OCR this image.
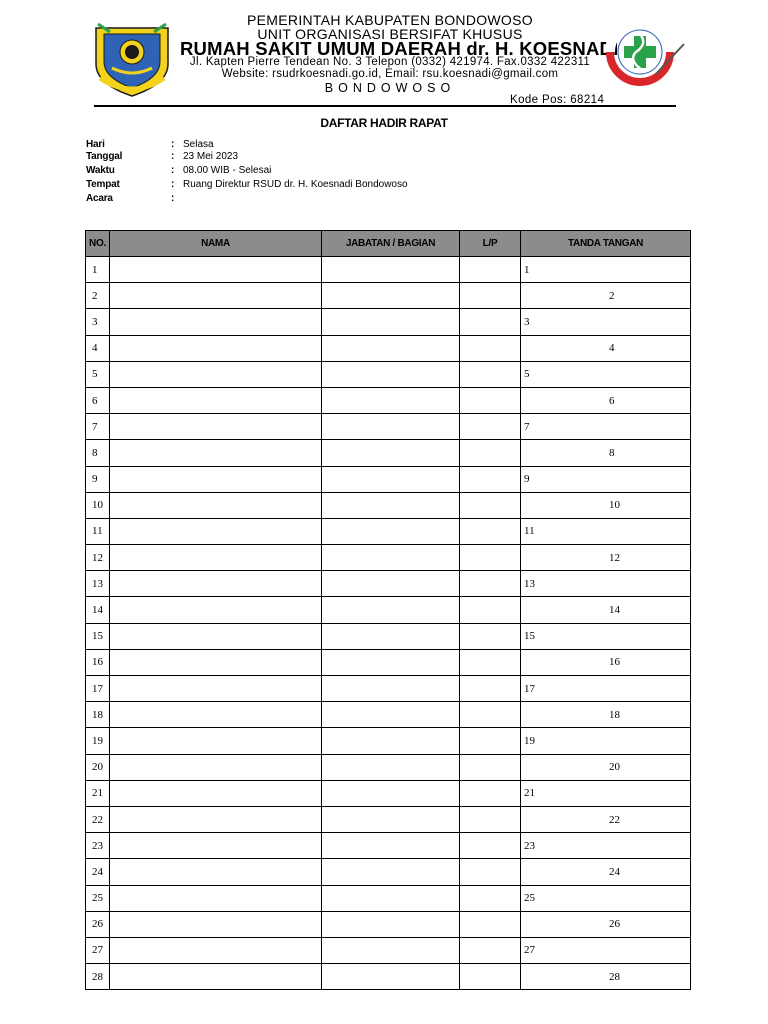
PEMERINTAH KABUPATEN BONDOWOSO
UNIT ORGANISASI BERSIFAT KHUSUS
RUMAH SAKIT UMUM DAERAH dr. H. KOESNADI
Jl. Kapten Pierre Tendean No. 3 Telepon (0332) 421974. Fax.0332 422311
Website: rsudrkoesnadi.go.id, Email: rsu.koesnadi@gmail.com
BONDOWOSO
Kode Pos: 68214
DAFTAR HADIR RAPAT
Hari	: Selasa
Tanggal	: 23 Mei 2023
Waktu	: 08.00 WIB - Selesai
Tempat	: Ruang Direktur RSUD dr. H. Koesnadi Bondowoso
Acara	:
NO.	NAMA	JABATAN / BAGIAN	L/P	TANDA TANGAN
1				1
2				2
3				3
4				4
5				5
6				6
7				7
8				8
9				9
10				10
11				11
12				12
13				13
14				14
15				15
16				16
17				17
18				18
19				19
20				20
21				21
22				22
23				23
24				24
25				25
26				26
27				27
28				28
